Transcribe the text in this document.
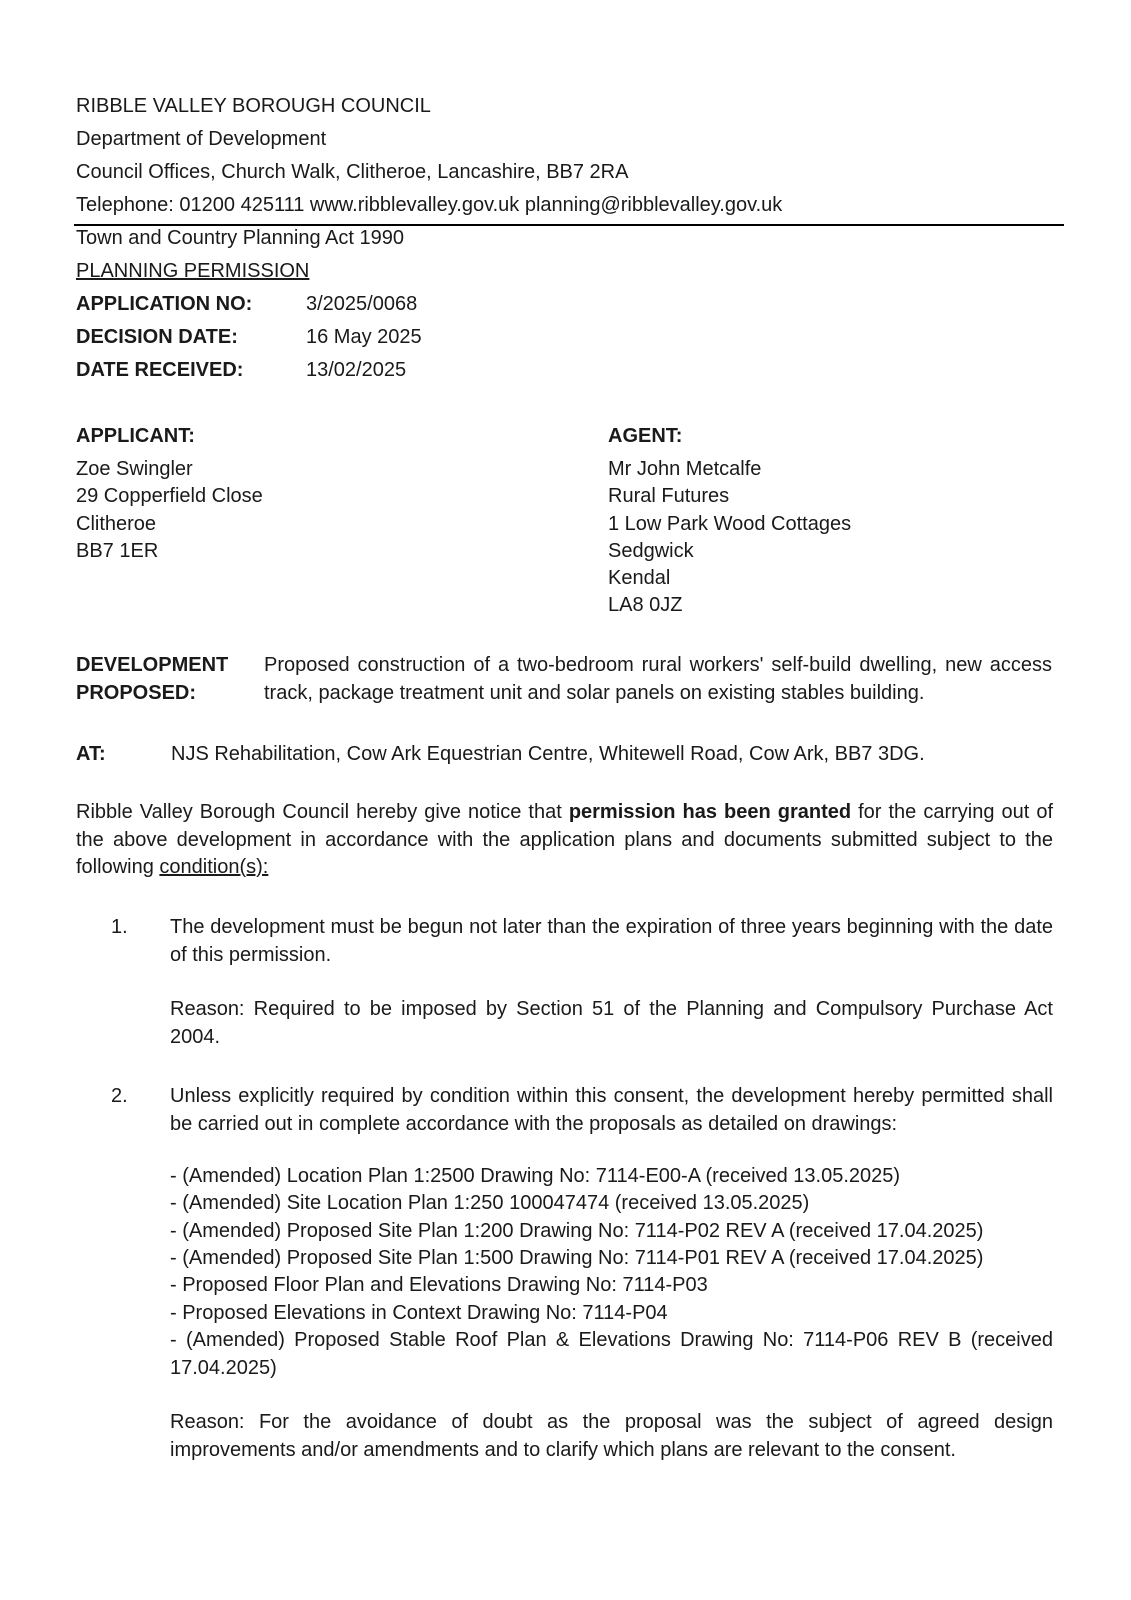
RIBBLE VALLEY BOROUGH COUNCIL
Department of Development
Council Offices, Church Walk, Clitheroe, Lancashire, BB7 2RA
Telephone: 01200 425111 www.ribblevalley.gov.uk planning@ribblevalley.gov.uk
Town and Country Planning Act 1990
PLANNING PERMISSION
APPLICATION NO:	3/2025/0068
DECISION DATE:	16 May 2025
DATE RECEIVED:	13/02/2025
APPLICANT:
Zoe Swingler
29 Copperfield Close
Clitheroe
BB7 1ER
AGENT:
Mr John Metcalfe
Rural Futures
1 Low Park Wood Cottages
Sedgwick
Kendal
LA8 0JZ
DEVELOPMENT
PROPOSED:
Proposed construction of a two-bedroom rural workers' self-build dwelling, new access track, package treatment unit and solar panels on existing stables building.
AT:	NJS Rehabilitation, Cow Ark Equestrian Centre, Whitewell Road, Cow Ark, BB7 3DG.
Ribble Valley Borough Council hereby give notice that permission has been granted for the carrying out of the above development in accordance with the application plans and documents submitted subject to the following condition(s):
1. The development must be begun not later than the expiration of three years beginning with the date of this permission.
Reason: Required to be imposed by Section 51 of the Planning and Compulsory Purchase Act 2004.
2. Unless explicitly required by condition within this consent, the development hereby permitted shall be carried out in complete accordance with the proposals as detailed on drawings:
- (Amended) Location Plan 1:2500 Drawing No: 7114-E00-A (received 13.05.2025)
- (Amended) Site Location Plan 1:250 100047474 (received 13.05.2025)
- (Amended) Proposed Site Plan 1:200 Drawing No: 7114-P02 REV A (received 17.04.2025)
- (Amended) Proposed Site Plan 1:500 Drawing No: 7114-P01 REV A (received 17.04.2025)
- Proposed Floor Plan and Elevations Drawing No: 7114-P03
- Proposed Elevations in Context Drawing No: 7114-P04
- (Amended) Proposed Stable Roof Plan & Elevations Drawing No: 7114-P06 REV B (received 17.04.2025)
Reason: For the avoidance of doubt as the proposal was the subject of agreed design improvements and/or amendments and to clarify which plans are relevant to the consent.
